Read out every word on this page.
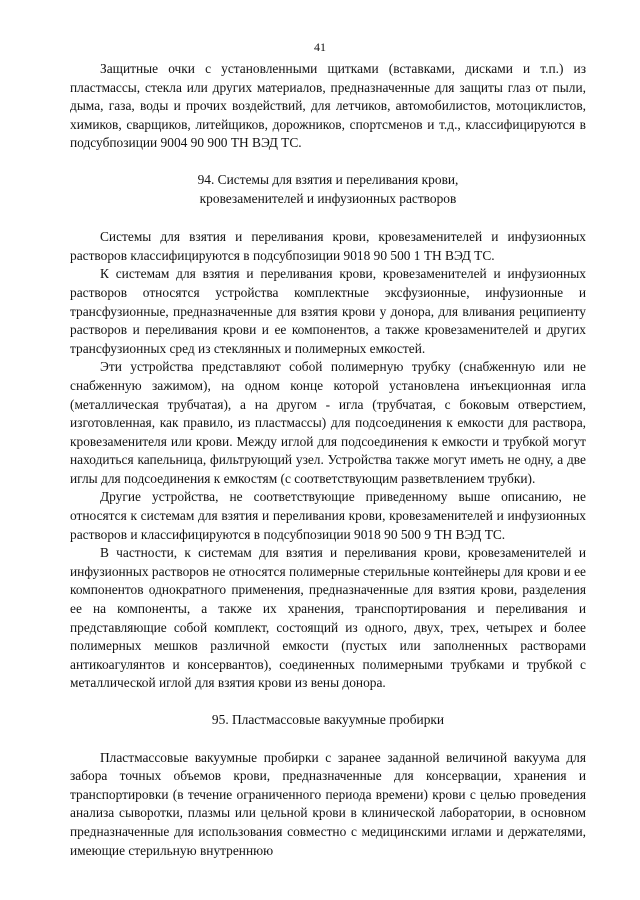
41

Защитные очки с установленными щитками (вставками, дисками и т.п.) из пластмассы, стекла или других материалов, предназначенные для защиты глаз от пыли, дыма, газа, воды и прочих воздействий, для летчиков, автомобилистов, мотоциклистов, химиков, сварщиков, литейщиков, дорожников, спортсменов и т.д., классифицируются в подсубпозиции 9004 90 900 ТН ВЭД ТС.

94. Системы для взятия и переливания крови,
кровезаменителей и инфузионных растворов

Системы для взятия и переливания крови, кровезаменителей и инфузионных растворов классифицируются в подсубпозиции 9018 90 500 1 ТН ВЭД ТС.

К системам для взятия и переливания крови, кровезаменителей и инфузионных растворов относятся устройства комплектные эксфузионные, инфузионные и трансфузионные, предназначенные для взятия крови у донора, для вливания реципиенту растворов и переливания крови и ее компонентов, а также кровезаменителей и других трансфузионных сред из стеклянных и полимерных емкостей.

Эти устройства представляют собой полимерную трубку (снабженную или не снабженную зажимом), на одном конце которой установлена инъекционная игла (металлическая трубчатая), а на другом - игла (трубчатая, с боковым отверстием, изготовленная, как правило, из пластмассы) для подсоединения к емкости для раствора, кровезаменителя или крови. Между иглой для подсоединения к емкости и трубкой могут находиться капельница, фильтрующий узел. Устройства также могут иметь не одну, а две иглы для подсоединения к емкостям (с соответствующим разветвлением трубки).

Другие устройства, не соответствующие приведенному выше описанию, не относятся к системам для взятия и переливания крови, кровезаменителей и инфузионных растворов и классифицируются в подсубпозиции 9018 90 500 9 ТН ВЭД ТС.

В частности, к системам для взятия и переливания крови, кровезаменителей и инфузионных растворов не относятся полимерные стерильные контейнеры для крови и ее компонентов однократного применения, предназначенные для взятия крови, разделения ее на компоненты, а также их хранения, транспортирования и переливания и представляющие собой комплект, состоящий из одного, двух, трех, четырех и более полимерных мешков различной емкости (пустых или заполненных растворами антикоагулянтов и консервантов), соединенных полимерными трубками и трубкой с металлической иглой для взятия крови из вены донора.

95. Пластмассовые вакуумные пробирки

Пластмассовые вакуумные пробирки с заранее заданной величиной вакуума для забора точных объемов крови, предназначенные для консервации, хранения и транспортировки (в течение ограниченного периода времени) крови с целью проведения анализа сыворотки, плазмы или цельной крови в клинической лаборатории, в основном предназначенные для использования совместно с медицинскими иглами и держателями, имеющие стерильную внутреннюю
